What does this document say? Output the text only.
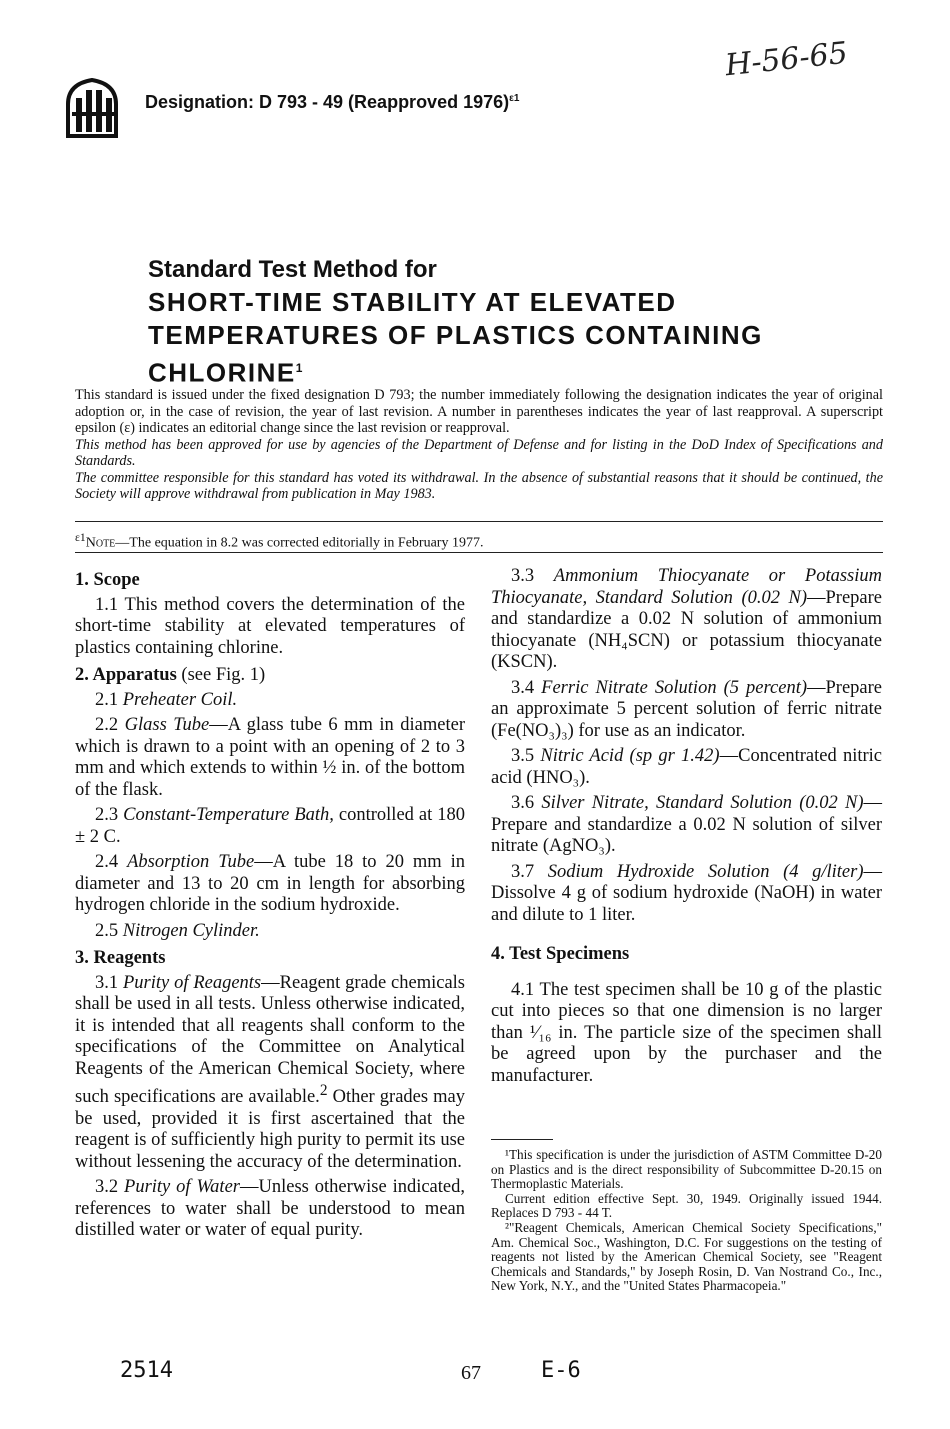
Designation: D 793 - 49 (Reapproved 1976)$^{\varepsilon 1}$
H-56-65
Standard Test Method for
SHORT-TIME STABILITY AT ELEVATED TEMPERATURES OF PLASTICS CONTAINING CHLORINE$^1$

This standard is issued under the fixed designation D 793; the number immediately following the designation indicates the year of original adoption or, in the case of revision, the year of last revision. A number in parentheses indicates the year of last reapproval. A superscript epsilon (ε) indicates an editorial change since the last revision or reapproval.

This method has been approved for use by agencies of the Department of Defense and for listing in the DoD Index of Specifications and Standards.

The committee responsible for this standard has voted its withdrawal. In the absence of substantial reasons that it should be continued, the Society will approve withdrawal from publication in May 1983.

$^{\varepsilon 1}$Note—The equation in 8.2 was corrected editorially in February 1977.

1. Scope

1.1 This method covers the determination of the short-time stability at elevated temperatures of plastics containing chlorine.

2. Apparatus (see Fig. 1)

2.1 Preheater Coil.

2.2 Glass Tube—A glass tube 6 mm in diameter which is drawn to a point with an opening of 2 to 3 mm and which extends to within ½ in. of the bottom of the flask.

2.3 Constant-Temperature Bath, controlled at 180 ± 2 C.

2.4 Absorption Tube—A tube 18 to 20 mm in diameter and 13 to 20 cm in length for absorbing hydrogen chloride in the sodium hydroxide.

2.5 Nitrogen Cylinder.

3. Reagents

3.1 Purity of Reagents—Reagent grade chemicals shall be used in all tests. Unless otherwise indicated, it is intended that all reagents shall conform to the specifications of the Committee on Analytical Reagents of the American Chemical Society, where such specifications are available.$^2$ Other grades may be used, provided it is first ascertained that the reagent is of sufficiently high purity to permit its use without lessening the accuracy of the determination.

3.2 Purity of Water—Unless otherwise indicated, references to water shall be understood to mean distilled water or water of equal purity.

3.3 Ammonium Thiocyanate or Potassium Thiocyanate, Standard Solution (0.02 N)—Prepare and standardize a 0.02 N solution of ammonium thiocyanate (NH₄SCN) or potassium thiocyanate (KSCN).

3.4 Ferric Nitrate Solution (5 percent)—Prepare an approximate 5 percent solution of ferric nitrate (Fe(NO₃)₃) for use as an indicator.

3.5 Nitric Acid (sp gr 1.42)—Concentrated nitric acid (HNO₃).

3.6 Silver Nitrate, Standard Solution (0.02 N)—Prepare and standardize a 0.02 N solution of silver nitrate (AgNO₃).

3.7 Sodium Hydroxide Solution (4 g/liter)—Dissolve 4 g of sodium hydroxide (NaOH) in water and dilute to 1 liter.

4. Test Specimens

4.1 The test specimen shall be 10 g of the plastic cut into pieces so that one dimension is no larger than ¹⁄₁₆ in. The particle size of the specimen shall be agreed upon by the purchaser and the manufacturer.

¹This specification is under the jurisdiction of ASTM Committee D-20 on Plastics and is the direct responsibility of Subcommittee D-20.15 on Thermoplastic Materials.

Current edition effective Sept. 30, 1949. Originally issued 1944. Replaces D 793 - 44 T.

²"Reagent Chemicals, American Chemical Society Specifications," Am. Chemical Soc., Washington, D.C. For suggestions on the testing of reagents not listed by the American Chemical Society, see "Reagent Chemicals and Standards," by Joseph Rosin, D. Van Nostrand Co., Inc., New York, N.Y., and the "United States Pharmacopeia."

2514	67	E-6
